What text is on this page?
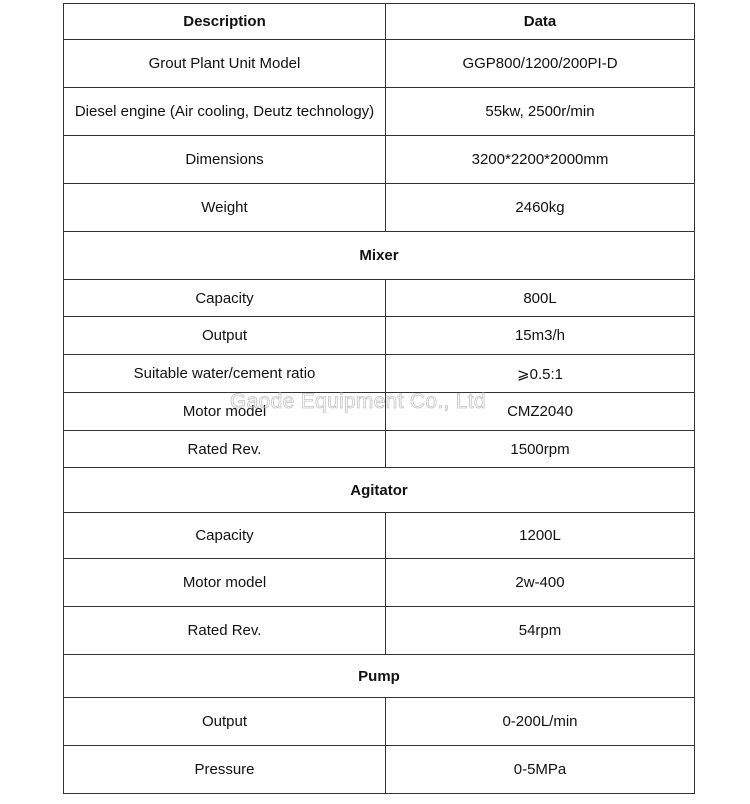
Description	Data
Grout Plant Unit Model	GGP800/1200/200PI-D
Diesel engine (Air cooling, Deutz technology)	55kw, 2500r/min
Dimensions	3200*2200*2000mm
Weight	2460kg
Mixer	
Capacity	800L
Output	15m3/h
Suitable water/cement ratio	⩾0.5:1
Motor model	CMZ2040
Rated Rev.	1500rpm
Agitator	
Capacity	1200L
Motor model	2w-400
Rated Rev.	54rpm
Pump	
Output	0-200L/min
Pressure	0-5MPa
Gaode Equipment Co., Ltd
